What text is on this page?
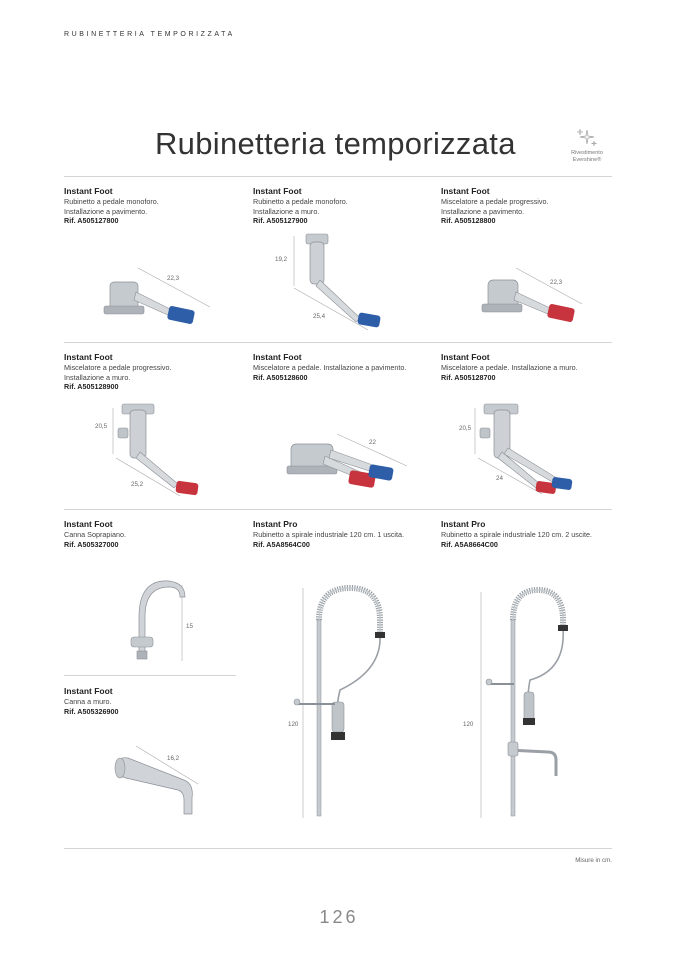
RUBINETTERIA TEMPORIZZATA
Rubinetteria temporizzata	Rivestimento
Evershine®
Instant Foot
Rubinetto a pedale monoforo.
Installazione a pavimento.
Rif. A505127800
22,3
Instant Foot
Rubinetto a pedale monoforo.
Installazione a muro.
Rif. A505127900
19,2
25,4
Instant Foot
Miscelatore a pedale progressivo.
Installazione a pavimento.
Rif. A505128800
22,3
Instant Foot
Miscelatore a pedale progressivo.
Installazione a muro.
Rif. A505128900
20,5
25,2
Instant Foot
Miscelatore a pedale. Installazione a pavimento.
Rif. A505128600
22
Instant Foot
Miscelatore a pedale. Installazione a muro.
Rif. A505128700
20,5
24
Instant Foot
Canna Soprapiano.
Rif. A505327000
15
Instant Pro
Rubinetto a spirale industriale 120 cm. 1 uscita.
Rif. A5A8564C00
120
Instant Pro
Rubinetto a spirale industriale 120 cm. 2 uscite.
Rif. A5A8664C00
120
Instant Foot
Canna a muro.
Rif. A505326900
16,2
Misure in cm.
126
